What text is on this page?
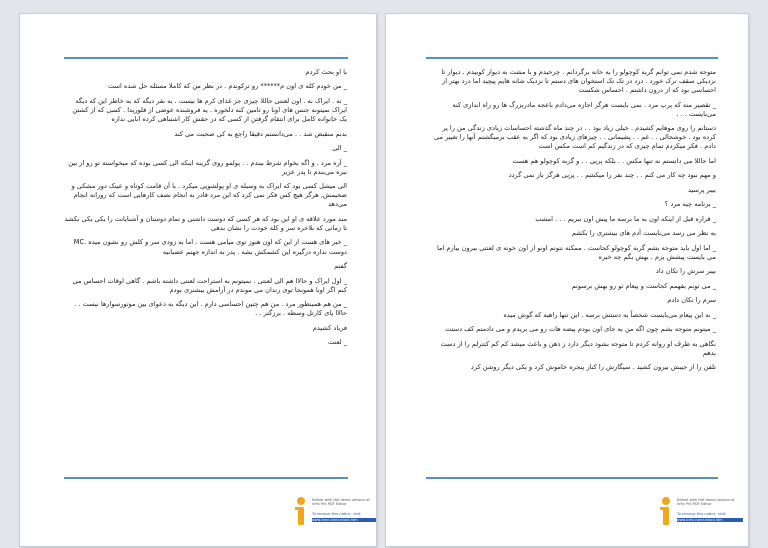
با او بحث کردم

_ من خودم کله ی اون م****** رو ترکوندم . در نظر من که کاملا مسئله حل شده است

_ نه . ایراک نه . اون لعنتی حاللا چیزی جز غذای کرم ها نیست . به نفر دیگه که به خاطر این که دیگه ایراک نمیتونه جنس های اونا رو تامین کنه دلخوره . یه فروشنده عوضی از فلوریدا . کسی که از کشتن یک خانواده کامل برای انتقام گرفتن از کسی که در حقش کار اشتباهی کرده ابایی نداره

بدنم منقبض شد . . می‌دانستم دقیقا راجع به کی صحبت می کند

_ الی

_ آره مرد . و اگه بخوام شرط ببندم . . پولمو روی گزینه اینکه الی کسی بوده که میخواسته تو رو از بین ببره می‌بندم تا پدر عزیز

الی میشل کسی بود که ایراک به وسیله ی او پولشویی میکرد . با آن قامت کوتاه و عینک دور مشکی و ضخیمش, هرگز هیچ کس فکر نمی کرد که این مرد قادر به انجام نصف کارهایی است که روزانه انجام می‌دهد

مند مورد علاقه ی او این بود که هر کسی که دوست داشتی و تمام دوستان و آشنایانت را یکی یکی بکشد تا زمانی که بلاخره سر و کله خودت را نشان بدهی

_ خبر های هست از این که اون هنوز توی میامی هست . اما به زودی سر و کلش رو نشون میده .MC دوست نداره درگیره این کشمکش بشه . پدر به اندازه جهنم عصبانیه

گفتم

_ اول ایراک و حالاا هم الی لعنتی . نمیتونم به استراحت لعنتی داشته باشم . گاهی اوقات احساس می کنم اگر اونا همونجا توی زندان می موندم در آرامش بیشتری بودم

_ من هم همینطور مرد . من هم چنین احساسی دارم . این دیگه به دعوای بین موتورسوارها نیست . . حالاا پای کارتل وسطه . برزگتر . .

فریاد کشیدم

_ لعنت

Edited with the demo version of Infix Pro PDF Editor
To remove this notice, visit:
www.iceni.com/unlock.htm

متوجه شدم نمی توانم گربه کوچولو را به خانه برگردانم . چرخیدم و با مشت به دیوار کوبیدم . دیوار تا نزدیکی سقف ترک خورد . درد در تک تک استخوان های دستم تا نزدیک شانه هایم پیچید اما درد بهتر از احساسی بود که از درون داشتم . احساس شکست

_ تقصیر منه که پرپ مرد . نمی بایست هرگز اجازه می‌دادم باعجه مادربزرگ ها رو راه اندازی کنه می‌بایست . . .

دستانم را روی موهایم کشیدم . خیلی زیاد بود . . در چند ماه گذشته احساسات زیادی زندگی من را پر کرده بود . خوشحالی . . غم . . پشیمانی . . چیزهای زیادی بود که اگر به عقب برمیگشتم آنها را تغییر می دادم . فکر میکردم تمام چیزی که در زندگیم کم است مکس است

اما حاللا می دانستم نه تنها مکس . . بلکه پریی . . و گربه کوچولو هم هست

و مهم نبود چه کار می کنم . . چند نفر را میکشم . . پریی هرگز باز نمی گردد

بیبر پرسید

_ برنامه چیه مرد ؟

_ قراره قبل از اینکه اون به ما برسه ما پیش اون ببریم . . . امشب

به نظر می رسد می‌بایست آدم های بیشتری را بکشم

_ اما اول باید متوجه بشم گربه کوچولو کجاست . ممکنه نتونم اونو از اون خونه ی لعنتی بیرون بیارم اما می بایست پیشش برم . بهش بگم چه خبره

بیبر سرش را تکان داد

_ می تونم بفهمم کجاست و پیغام تو رو بهش برسونم

سرم را تکان دادم

_ نه این پیغام می‌بایست شخصاً به دستش برسه . این تنها راهیه که گوش میده

_ میتونم متوجه بشم چون اگه من به جای اون بودم بیضه هات رو می بریدم و می دادمتم کف دستت

نگاهی به طرف او روانه کردم تا متوجه بشود دیگر دارد ز ذهن و باعث میشد کم کم کنترلم را از دست بدهم

تلفن را از جیبش بیرون کشید . سیگارش را کنار پنجره خاموش کرد و یکی دیگر روشن کرد

Edited with the demo version of Infix Pro PDF Editor
To remove this notice, visit:
www.iceni.com/unlock.htm
